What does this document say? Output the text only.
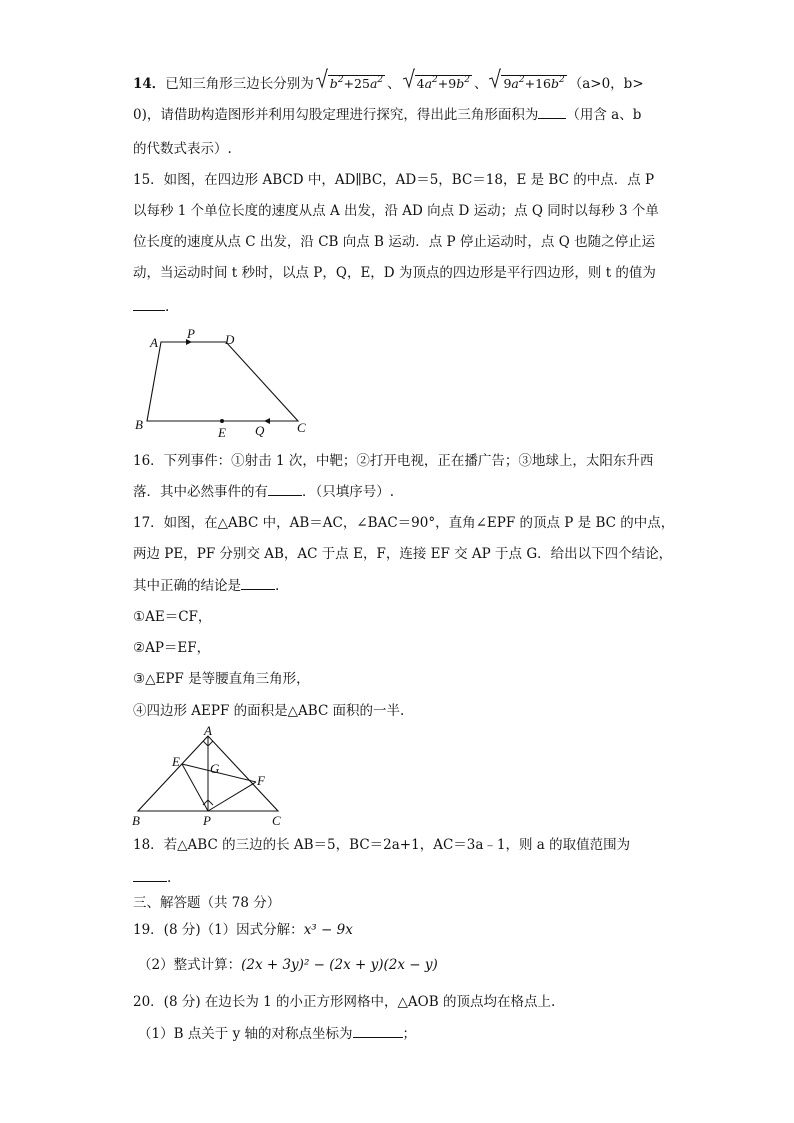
14．已知三角形三边长分别为 $b^2+25a^2$ 、 $4a^2+9b^2$ 、 $9a^2+16b^2$ （a>0，b>
0)，请借助构造图形并利用勾股定理进行探究，得出此三角形面积为 （用含 a、b
的代数式表示）.
15．如图，在四边形 ABCD 中，AD∥BC，AD＝5，BC＝18，E 是 BC 的中点．点 P
以每秒 1 个单位长度的速度从点 A 出发，沿 AD 向点 D 运动；点 Q 同时以每秒 3 个单
位长度的速度从点 C 出发，沿 CB 向点 B 运动．点 P 停止运动时，点 Q 也随之停止运
动，当运动时间 t 秒时，以点 P，Q，E，D 为顶点的四边形是平行四边形，则 t 的值为
.
A
P D
B
E Q	C
16．下列事件：①射击 1 次，中靶；②打开电视，正在播广告；③地球上，太阳东升西
落．其中必然事件的有	．（只填序号）.
17．如图，在△ABC 中，AB＝AC，∠BAC＝90°，直角∠EPF 的顶点 P 是 BC 的中点，
两边 PE，PF 分别交 AB，AC 于点 E，F，连接 EF 交 AP 于点 G．给出以下四个结论，
其中正确的结论是	.
①AE＝CF，
②AP＝EF，
③△EPF 是等腰直角三角形，
④四边形 AEPF 的面积是△ABC 面积的一半.
A
E G
F
B	P	C
18．若△ABC 的三边的长 AB＝5，BC＝2a+1，AC＝3a﹣1，则 a 的取值范围为
.
三、解答题（共 78 分）
19．(8 分)（1）因式分解：x³ − 9x
（2）整式计算：(2x + 3y)² − (2x + y)(2x − y)
20．(8 分) 在边长为 1 的小正方形网格中，△AOB 的顶点均在格点上.
（1）B 点关于 y 轴的对称点坐标为	；
